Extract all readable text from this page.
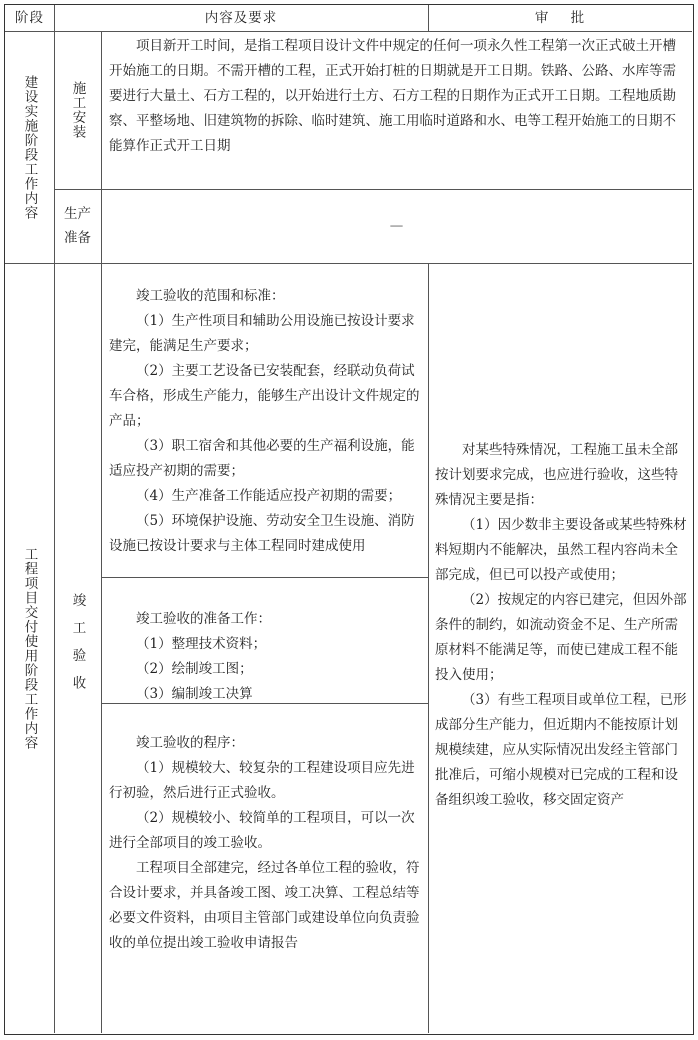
阶段	内容及要求	审    批
建设实施阶段工作内容 施工安装

项目新开工时间，是指工程项目设计文件中规定的任何一项永久性工程第一次正式破土开槽开始施工的日期。不需开槽的工程，正式开始打桩的日期就是开工日期。铁路、公路、水库等需要进行大量土、石方工程的，以开始进行土方、石方工程的日期作为正式开工日期。工程地质勘察、平整场地、旧建筑物的拆除、临时建筑、施工用临时道路和水、电等工程开始施工的日期不能算作正式开工日期

生产准备
—
工程项目交付使用阶段工作内容 竣工验收

竣工验收的范围和标准：

（1）生产性项目和辅助公用设施已按设计要求建完，能满足生产要求；

（2）主要工艺设备已安装配套，经联动负荷试车合格，形成生产能力，能够生产出设计文件规定的产品；

（3）职工宿舍和其他必要的生产福利设施，能适应投产初期的需要；

（4）生产准备工作能适应投产初期的需要；

（5）环境保护设施、劳动安全卫生设施、消防设施已按设计要求与主体工程同时建成使用

竣工验收的准备工作：

（1）整理技术资料；

（2）绘制竣工图；

（3）编制竣工决算

竣工验收的程序：

（1）规模较大、较复杂的工程建设项目应先进行初验，然后进行正式验收。

（2）规模较小、较简单的工程项目，可以一次进行全部项目的竣工验收。

工程项目全部建完，经过各单位工程的验收，符合设计要求，并具备竣工图、竣工决算、工程总结等必要文件资料，由项目主管部门或建设单位向负责验收的单位提出竣工验收申请报告

对某些特殊情况，工程施工虽未全部按计划要求完成，也应进行验收，这些特殊情况主要是指：

（1）因少数非主要设备或某些特殊材料短期内不能解决，虽然工程内容尚未全部完成，但已可以投产或使用；

（2）按规定的内容已建完，但因外部条件的制约，如流动资金不足、生产所需原材料不能满足等，而使已建成工程不能投入使用；

（3）有些工程项目或单位工程，已形成部分生产能力，但近期内不能按原计划规模续建，应从实际情况出发经主管部门批准后，可缩小规模对已完成的工程和设备组织竣工验收，移交固定资产
